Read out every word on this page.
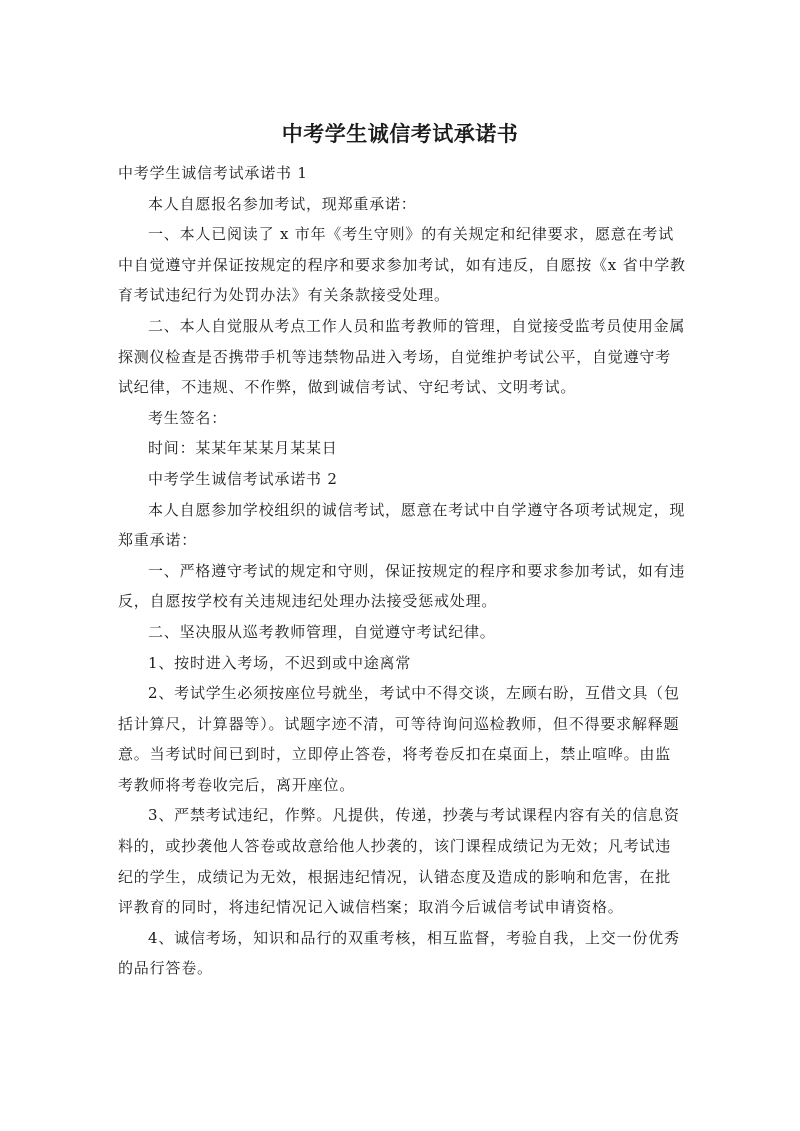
中考学生诚信考试承诺书

中考学生诚信考试承诺书 1

本人自愿报名参加考试，现郑重承诺：

一、本人已阅读了 x 市年《考生守则》的有关规定和纪律要求，愿意在考试中自觉遵守并保证按规定的程序和要求参加考试，如有违反，自愿按《x 省中学教育考试违纪行为处罚办法》有关条款接受处理。

二、本人自觉服从考点工作人员和监考教师的管理，自觉接受监考员使用金属探测仪检查是否携带手机等违禁物品进入考场，自觉维护考试公平，自觉遵守考试纪律，不违规、不作弊，做到诚信考试、守纪考试、文明考试。

考生签名：

时间：某某年某某月某某日

中考学生诚信考试承诺书 2

本人自愿参加学校组织的诚信考试，愿意在考试中自学遵守各项考试规定，现郑重承诺：

一、严格遵守考试的规定和守则，保证按规定的程序和要求参加考试，如有违反，自愿按学校有关违规违纪处理办法接受惩戒处理。

二、坚决服从巡考教师管理，自觉遵守考试纪律。

1、按时进入考场，不迟到或中途离常

2、考试学生必须按座位号就坐，考试中不得交谈，左顾右盼，互借文具（包括计算尺，计算器等）。试题字迹不清，可等待询问巡检教师，但不得要求解释题意。当考试时间已到时，立即停止答卷，将考卷反扣在桌面上，禁止喧哗。由监考教师将考卷收完后，离开座位。

3、严禁考试违纪，作弊。凡提供，传递，抄袭与考试课程内容有关的信息资料的，或抄袭他人答卷或故意给他人抄袭的，该门课程成绩记为无效；凡考试违纪的学生，成绩记为无效，根据违纪情况，认错态度及造成的影响和危害，在批评教育的同时，将违纪情况记入诚信档案；取消今后诚信考试申请资格。

4、诚信考场，知识和品行的双重考核，相互监督，考验自我，上交一份优秀的品行答卷。
